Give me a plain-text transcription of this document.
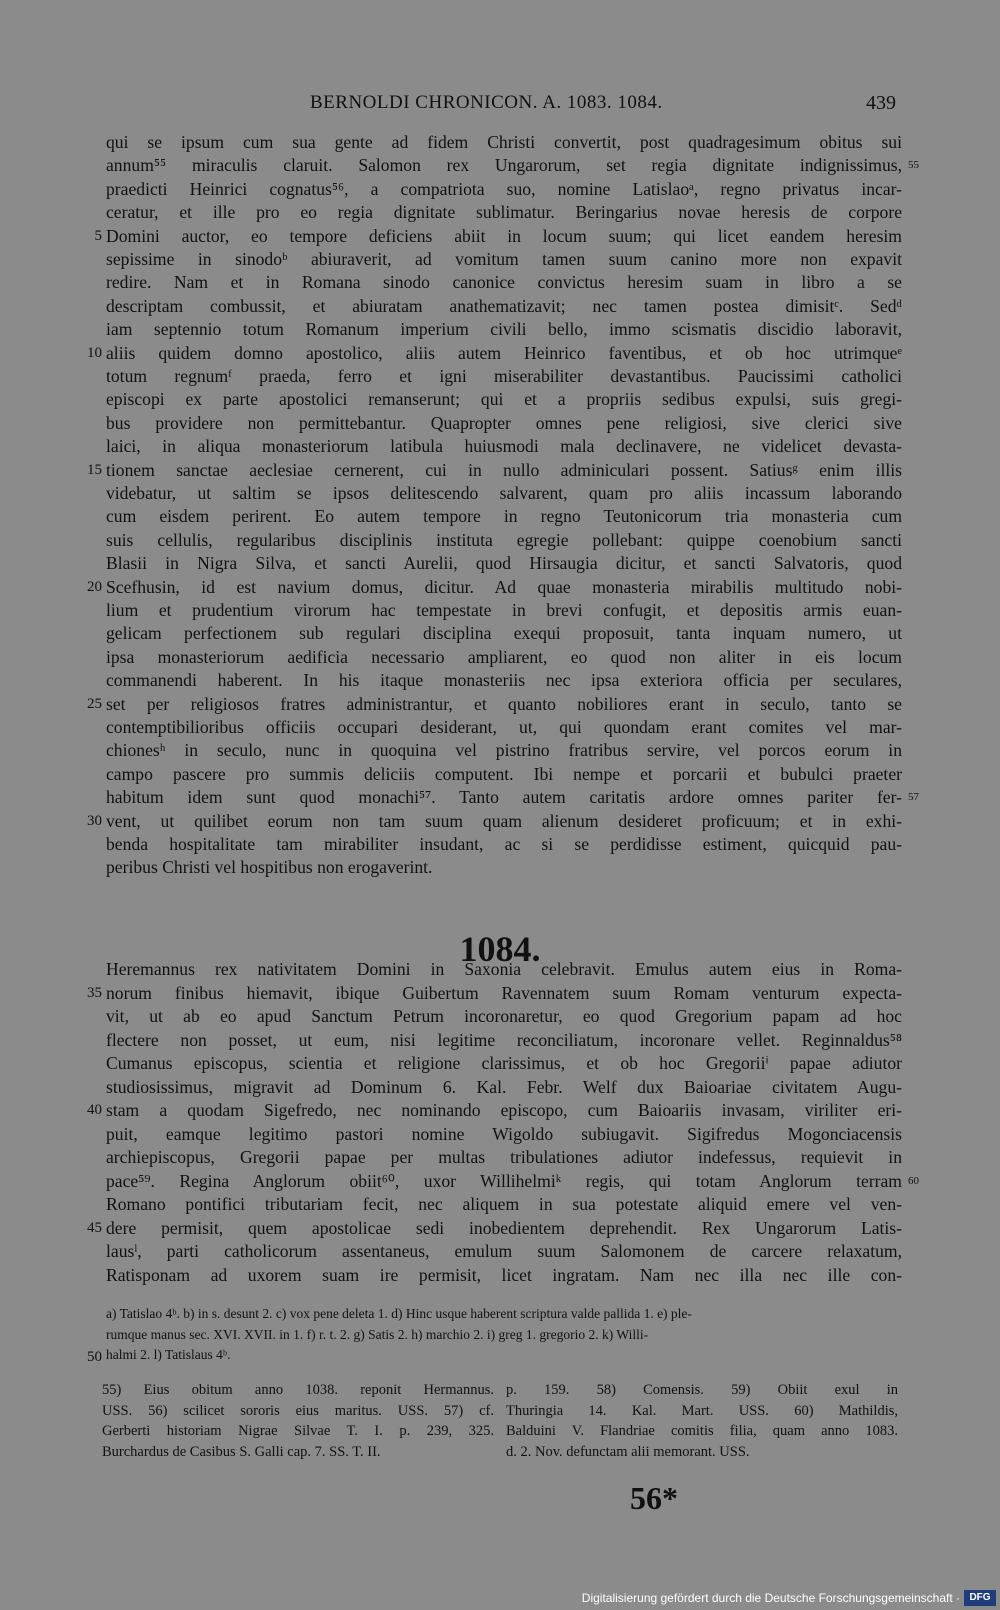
BERNOLDI CHRONICON. A. 1083. 1084.	439
qui se ipsum cum sua gente ad fidem Christi convertit, post quadragesimum obitus sui
annum⁵⁵ miraculis claruit. Salomon rex Ungarorum, set regia dignitate indignissimus, 55
praedicti Heinrici cognatus⁵⁶, a compatriota suo, nomine Latislaoᵃ, regno privatus incar-
ceratur, et ille pro eo regia dignitate sublimatur. Beringarius novae heresis de corpore
Domini auctor, eo tempore deficiens abiit in locum suum; qui licet eandem heresim
5
sepissime in sinodoᵇ abiuraverit, ad vomitum tamen suum canino more non expavit
redire. Nam et in Romana sinodo canonice convictus heresim suam in libro a se
descriptam combussit, et abiuratam anathematizavit; nec tamen postea dimisitᶜ. Sedᵈ
iam septennio totum Romanum imperium civili bello, immo scismatis discidio laboravit,
aliis quidem domno apostolico, aliis autem Heinrico faventibus, et ob hoc utrimqueᵉ
10
totum regnumᶠ praeda, ferro et igni miserabiliter devastantibus. Paucissimi catholici
episcopi ex parte apostolici remanserunt; qui et a propriis sedibus expulsi, suis gregi-
bus providere non permittebantur. Quapropter omnes pene religiosi, sive clerici sive
laici, in aliqua monasteriorum latibula huiusmodi mala declinavere, ne videlicet devasta-
tionem sanctae aeclesiae cernerent, cui in nullo adminiculari possent. Satiusᵍ enim illis
15
videbatur, ut saltim se ipsos delitescendo salvarent, quam pro aliis incassum laborando
cum eisdem perirent. Eo autem tempore in regno Teutonicorum tria monasteria cum
suis cellulis, regularibus disciplinis instituta egregie pollebant: quippe coenobium sancti
Blasii in Nigra Silva, et sancti Aurelii, quod Hirsaugia dicitur, et sancti Salvatoris, quod
Scefhusin, id est navium domus, dicitur. Ad quae monasteria mirabilis multitudo nobi-
20
lium et prudentium virorum hac tempestate in brevi confugit, et depositis armis euan-
gelicam perfectionem sub regulari disciplina exequi proposuit, tanta inquam numero, ut
ipsa monasteriorum aedificia necessario ampliarent, eo quod non aliter in eis locum
commanendi haberent. In his itaque monasteriis nec ipsa exteriora officia per seculares,
set per religiosos fratres administrantur, et quanto nobiliores erant in seculo, tanto se
25
contemptibilioribus officiis occupari desiderant, ut, qui quondam erant comites vel mar-
chionesʰ in seculo, nunc in quoquina vel pistrino fratribus servire, vel porcos eorum in
campo pascere pro summis deliciis computent. Ibi nempe et porcarii et bubulci praeter
habitum idem sunt quod monachi⁵⁷. Tanto autem caritatis ardore omnes pariter fer- 57
vent, ut quilibet eorum non tam suum quam alienum desideret proficuum; et in exhi-
30
benda hospitalitate tam mirabiliter insudant, ac si se perdidisse estiment, quicquid pau-
peribus Christi vel hospitibus non erogaverint.
1084.
Heremannus rex nativitatem Domini in Saxonia celebravit. Emulus autem eius in Roma-
norum finibus hiemavit, ibique Guibertum Ravennatem suum Romam venturum expecta-
35
vit, ut ab eo apud Sanctum Petrum incoronaretur, eo quod Gregorium papam ad hoc
flectere non posset, ut eum, nisi legitime reconciliatum, incoronare vellet. Reginnaldus⁵⁸
Cumanus episcopus, scientia et religione clarissimus, et ob hoc Gregoriiⁱ papae adiutor
studiosissimus, migravit ad Dominum 6. Kal. Febr. Welf dux Baioariae civitatem Augu-
stam a quodam Sigefredo, nec nominando episcopo, cum Baioariis invasam, viriliter eri-
40
puit, eamque legitimo pastori nomine Wigoldo subiugavit. Sigifredus Mogonciacensis
archiepiscopus, Gregorii papae per multas tribulationes adiutor indefessus, requievit in
pace⁵⁹. Regina Anglorum obiit⁶⁰, uxor Willihelmiᵏ regis, qui totam Anglorum terram 60
Romano pontifici tributariam fecit, nec aliquem in sua potestate aliquid emere vel ven-
dere permisit, quem apostolicae sedi inobedientem deprehendit. Rex Ungarorum Latis-
45
lausˡ, parti catholicorum assentaneus, emulum suum Salomonem de carcere relaxatum,
Ratisponam ad uxorem suam ire permisit, licet ingratam. Nam nec illa nec ille con-
a) Tatislao 4ᵇ. b) in s. desunt 2. c) vox pene deleta 1. d) Hinc usque haberent scriptura valde pallida 1. e) ple-
rumque manus sec. XVI. XVII. in 1. f) r. t. 2. g) Satis 2. h) marchio 2. i) greg 1. gregorio 2. k) Willi-
halmi 2. l) Tatislaus 4ᵇ.
50
55) Eius obitum anno 1038. reponit Hermannus.
USS. 56) scilicet sororis eius maritus. USS. 57) cf.
Gerberti historiam Nigrae Silvae T. I. p. 239, 325.
Burchardus de Casibus S. Galli cap. 7. SS. T. II.
p. 159. 58) Comensis. 59) Obiit exul in
Thuringia 14. Kal. Mart. USS. 60) Mathildis,
Balduini V. Flandriae comitis filia, quam anno 1083.
d. 2. Nov. defunctam alii memorant. USS.
56*
Digitalisierung gefördert durch die Deutsche Forschungsgemeinschaft · DFG
